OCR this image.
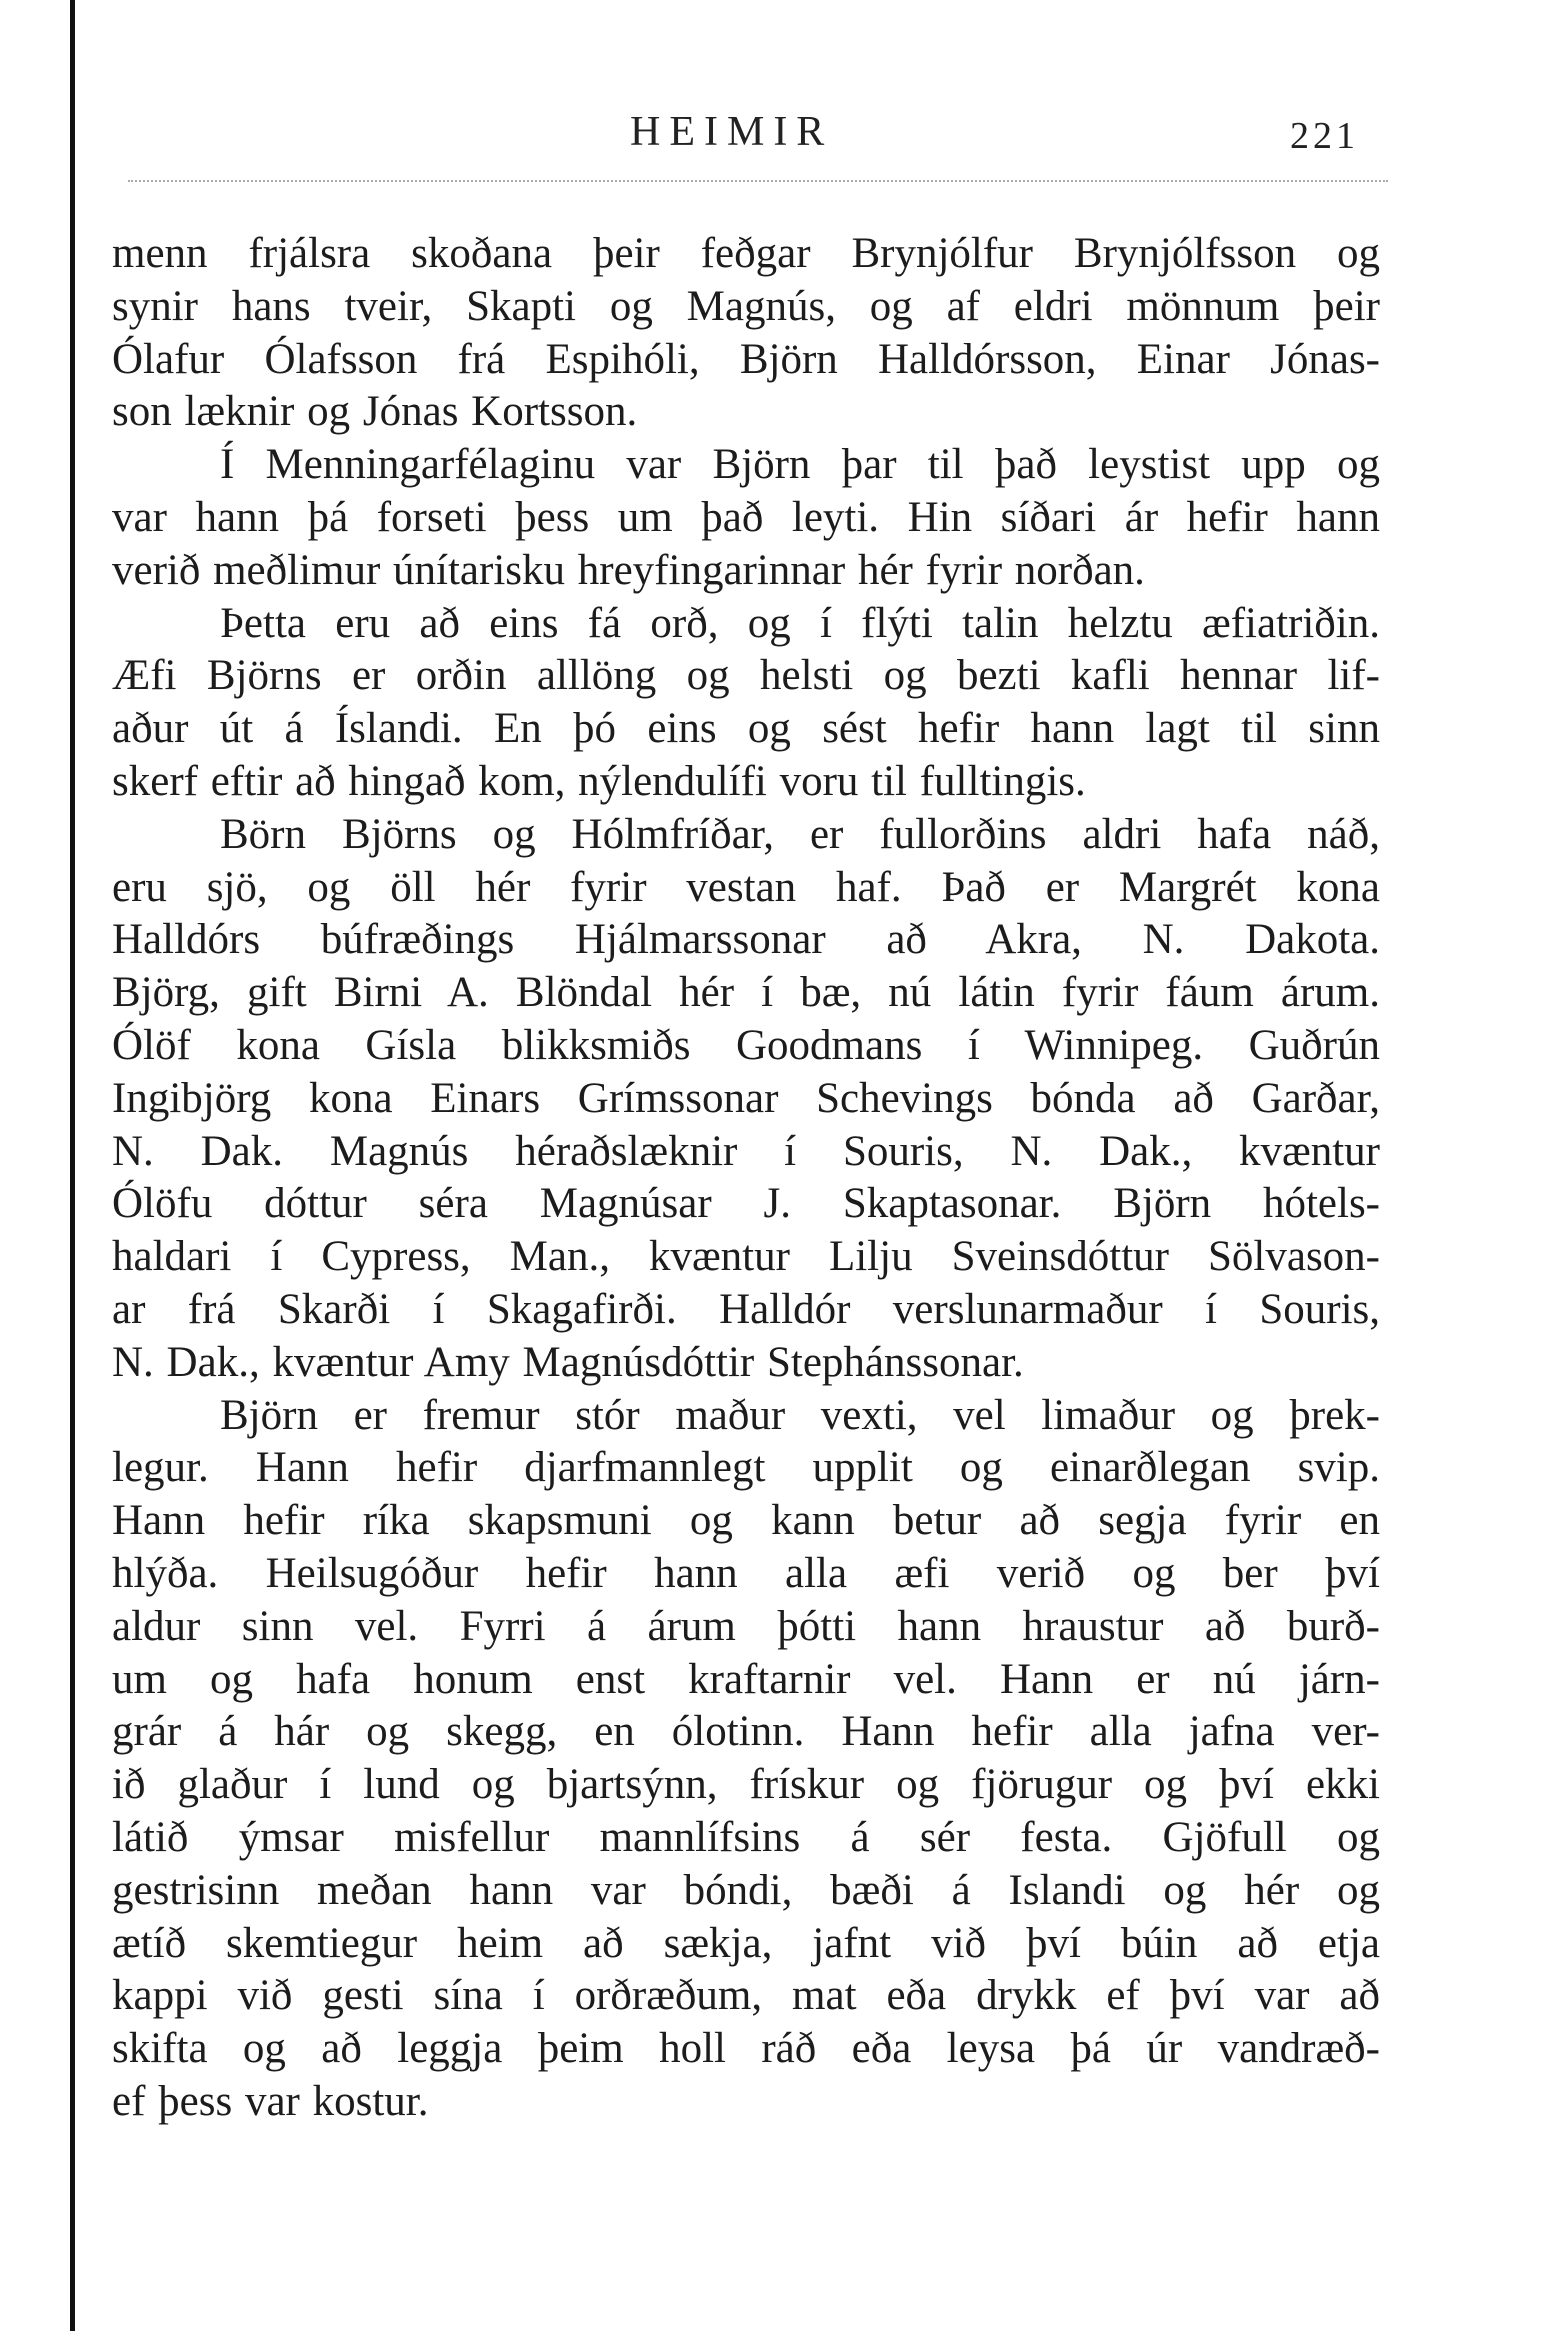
HEIMIR	221
menn frjálsra skoðana þeir feðgar Brynjólfur Brynjólfsson og
synir hans tveir, Skapti og Magnús, og af eldri mönnum þeir
Ólafur Ólafsson frá Espihóli, Björn Halldórsson, Einar Jónas-
son læknir og Jónas Kortsson.
Í Menningarfélaginu var Björn þar til það leystist upp og
var hann þá forseti þess um það leyti. Hin síðari ár hefir hann
verið meðlimur únítarisku hreyfingarinnar hér fyrir norðan.
Þetta eru að eins fá orð, og í flýti talin helztu æfiatriðin.
Æfi Björns er orðin alllöng og helsti og bezti kafli hennar lif-
aður út á Íslandi. En þó eins og sést hefir hann lagt til sinn
skerf eftir að hingað kom, nýlendulífi voru til fulltingis.
Börn Björns og Hólmfríðar, er fullorðins aldri hafa náð,
eru sjö, og öll hér fyrir vestan haf. Það er Margrét kona
Halldórs búfræðings Hjálmarssonar að Akra, N. Dakota.
Björg, gift Birni A. Blöndal hér í bæ, nú látin fyrir fáum árum.
Ólöf kona Gísla blikksmiðs Goodmans í Winnipeg. Guðrún
Ingibjörg kona Einars Grímssonar Schevings bónda að Garðar,
N. Dak. Magnús héraðslæknir í Souris, N. Dak., kvæntur
Ólöfu dóttur séra Magnúsar J. Skaptasonar. Björn hótels-
haldari í Cypress, Man., kvæntur Lilju Sveinsdóttur Sölvason-
ar frá Skarði í Skagafirði. Halldór verslunarmaður í Souris,
N. Dak., kvæntur Amy Magnúsdóttir Stephánssonar.
Björn er fremur stór maður vexti, vel limaður og þrek-
legur. Hann hefir djarfmannlegt upplit og einarðlegan svip.
Hann hefir ríka skapsmuni og kann betur að segja fyrir en
hlýða. Heilsugóður hefir hann alla æfi verið og ber því
aldur sinn vel. Fyrri á árum þótti hann hraustur að burð-
um og hafa honum enst kraftarnir vel. Hann er nú járn-
grár á hár og skegg, en ólotinn. Hann hefir alla jafna ver-
ið glaður í lund og bjartsýnn, frískur og fjörugur og því ekki
látið ýmsar misfellur mannlífsins á sér festa. Gjöfull og
gestrisinn meðan hann var bóndi, bæði á Islandi og hér og
ætíð skemtiegur heim að sækja, jafnt við því búin að etja
kappi við gesti sína í orðræðum, mat eða drykk ef því var að
skifta og að leggja þeim holl ráð eða leysa þá úr vandræð-
ef þess var kostur.
